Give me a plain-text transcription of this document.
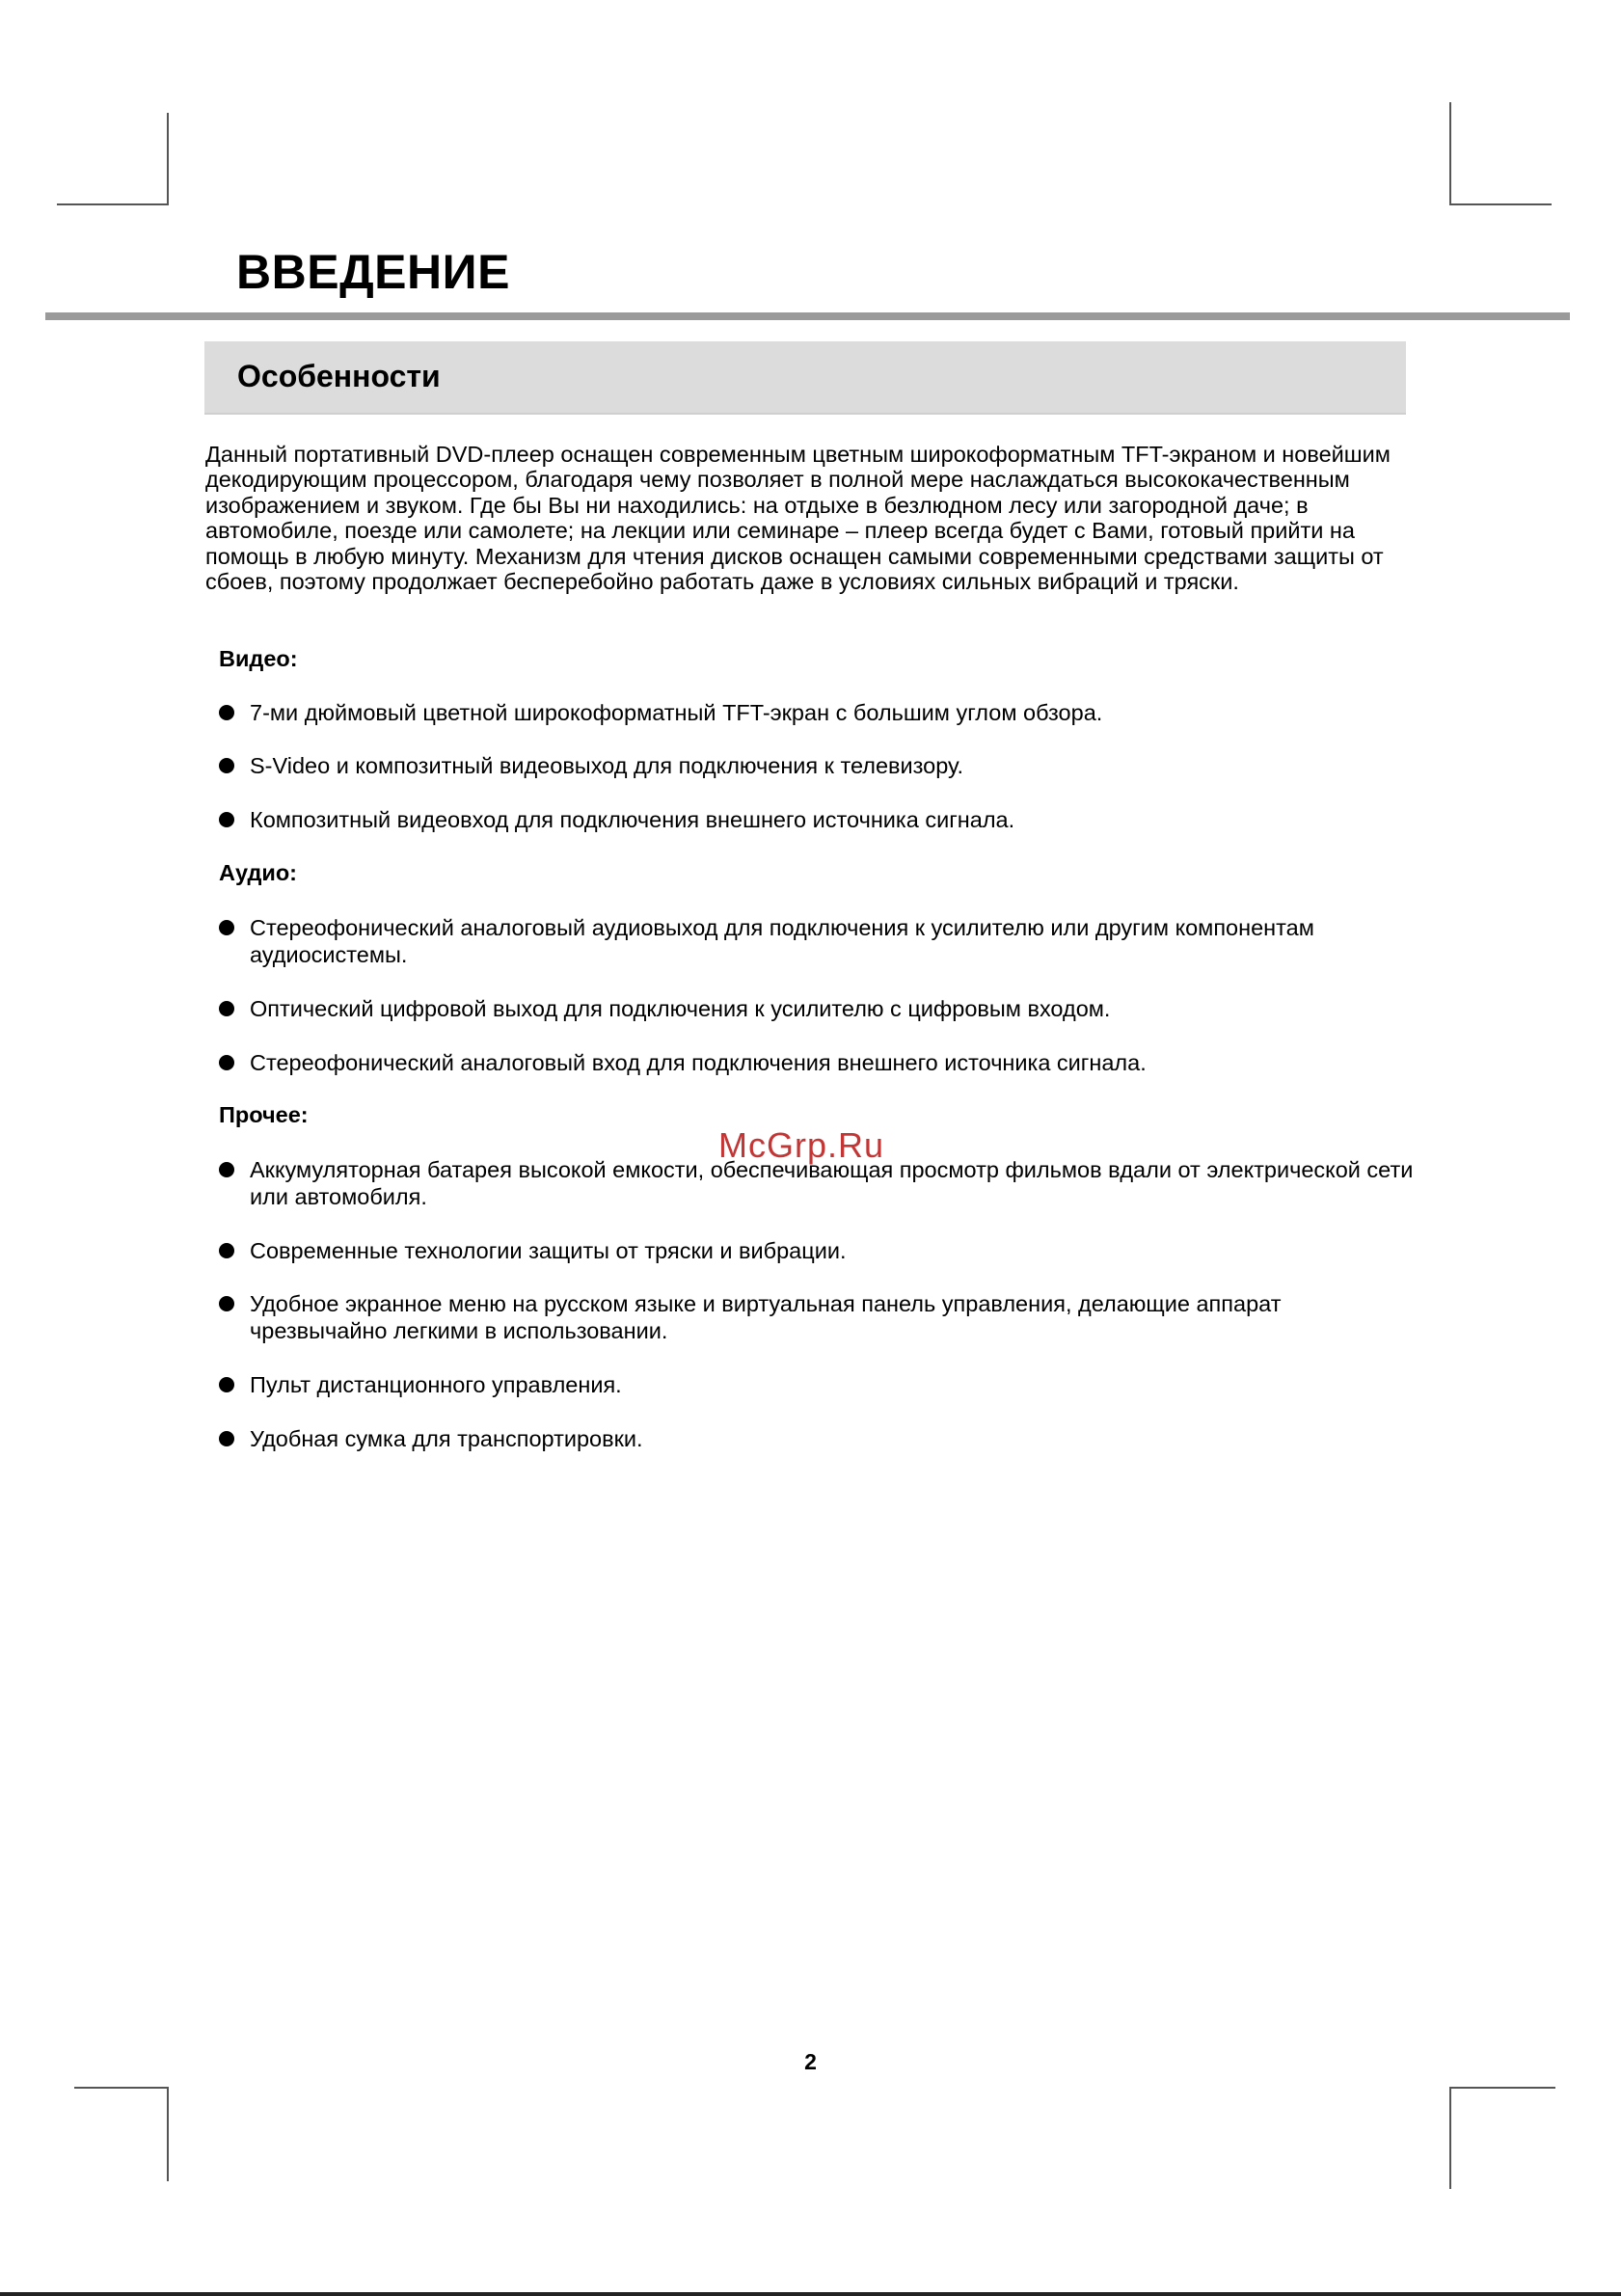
ВВЕДЕНИЕ
Особенности

Данный портативный DVD-плеер оснащен современным цветным широкоформатным TFT-экраном и новейшим декодирующим процессором, благодаря чему позволяет в полной мере наслаждаться высококачественным изображением и звуком. Где бы Вы ни находились: на отдыхе в безлюдном лесу или загородной даче; в автомобиле, поезде или самолете; на лекции или семинаре – плеер всегда будет с Вами, готовый прийти на помощь в любую минуту. Механизм для чтения дисков оснащен самыми современными средствами защиты от сбоев, поэтому продолжает бесперебойно работать даже в условиях сильных вибраций и тряски.

Видео:
7-ми дюймовый цветной широкоформатный TFT-экран с большим углом обзора.
S-Video и композитный видеовыход для подключения к телевизору.
Композитный видеовход для подключения внешнего источника сигнала.
Аудио:
Стереофонический аналоговый аудиовыход для подключения к усилителю или другим компонентам аудиосистемы.
Оптический цифровой выход для подключения к усилителю с цифровым входом.
Стереофонический аналоговый вход для подключения внешнего источника сигнала.
Прочее:
Аккумуляторная батарея высокой емкости, обеспечивающая просмотр фильмов вдали от электрической сети или автомобиля.
Современные технологии защиты от тряски и вибрации.
Удобное экранное меню на русском языке и виртуальная панель управления, делающие аппарат чрезвычайно легкими в использовании.
Пульт дистанционного управления.
Удобная сумка для транспортировки.
McGrp.Ru
2
